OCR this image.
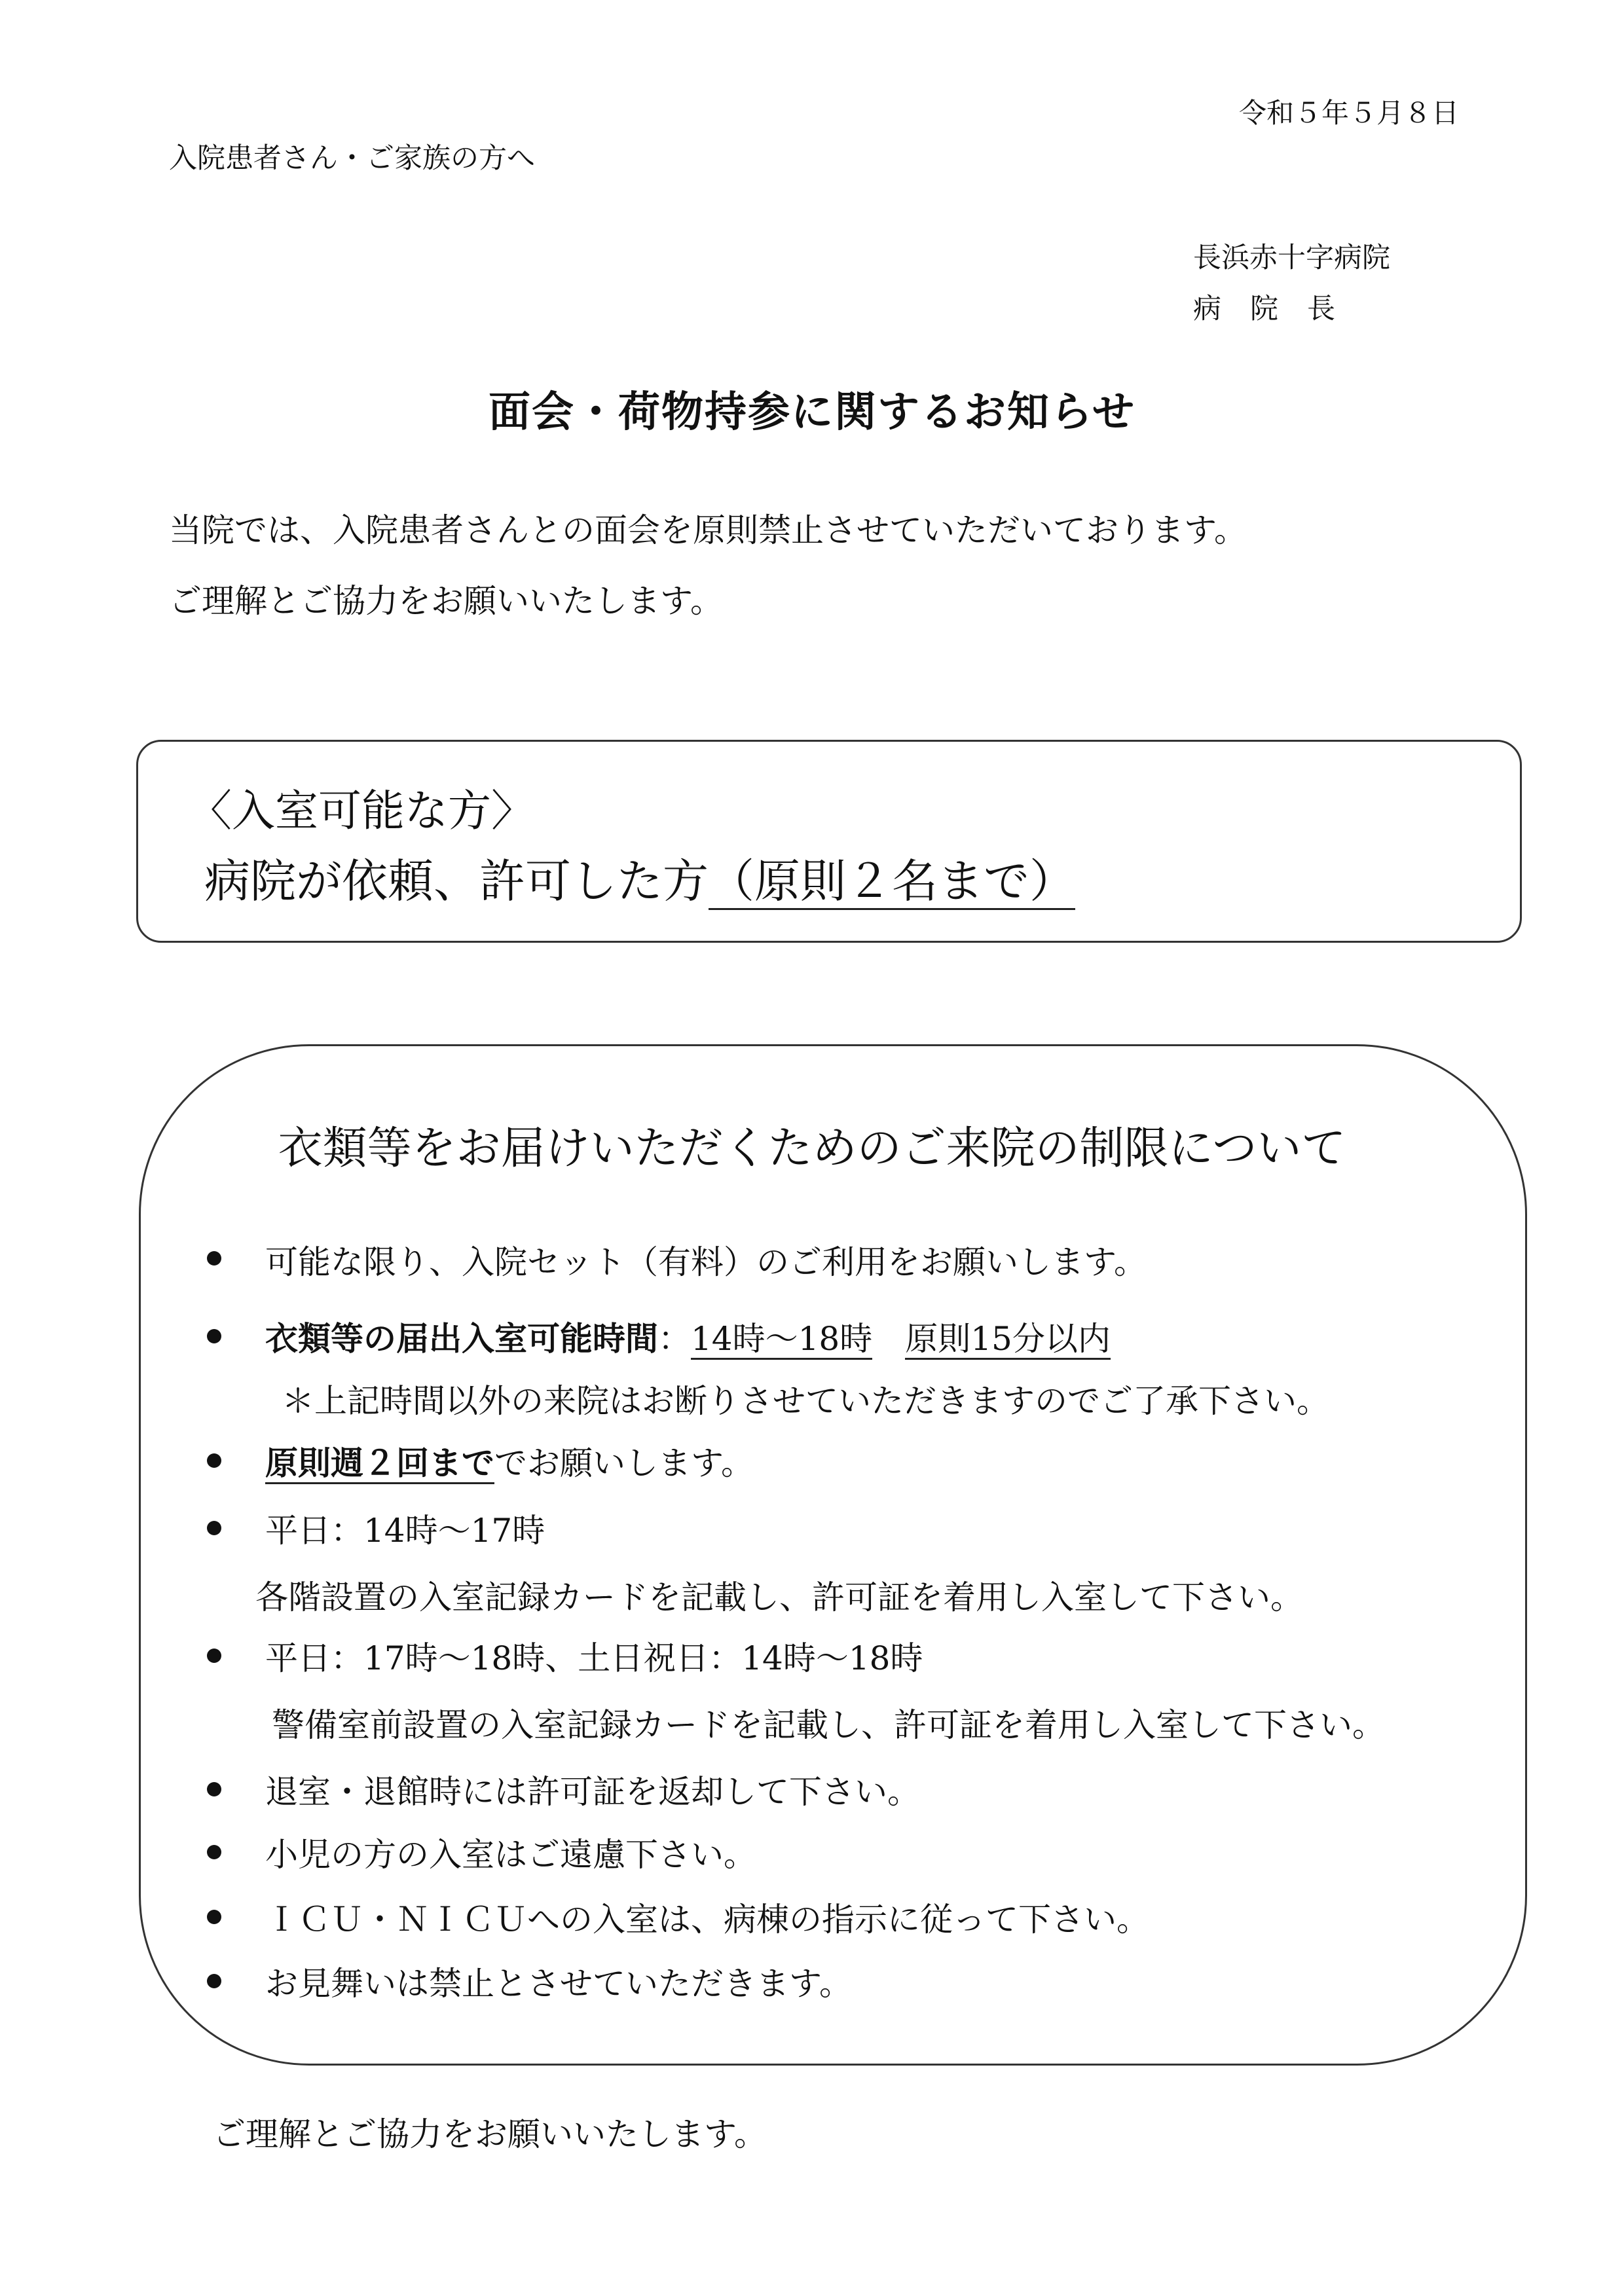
令和５年５月８日
入院患者さん・ご家族の方へ
長浜赤十字病院
病院長
面会・荷物持参に関するお知らせ
当院では、入院患者さんとの面会を原則禁止させていただいております。
ご理解とご協力をお願いいたします。
〈入室可能な方〉
病院が依頼、許可した方（原則２名まで）
衣類等をお届けいただくためのご来院の制限について
可能な限り、入院セット（有料）のご利用をお願いします。
衣類等の届出入室可能時間：14時～18時　 原則15分以内
＊上記時間以外の来院はお断りさせていただきますのでご了承下さい。
原則週２回まででお願いします。
平日：14時～17時
各階設置の入室記録カードを記載し、許可証を着用し入室して下さい。
平日：17時～18時、土日祝日：14時～18時
警備室前設置の入室記録カードを記載し、許可証を着用し入室して下さい。
退室・退館時には許可証を返却して下さい。
小児の方の入室はご遠慮下さい。
ＩＣＵ・ＮＩＣＵへの入室は、病棟の指示に従って下さい。
お見舞いは禁止とさせていただきます。
ご理解とご協力をお願いいたします。
